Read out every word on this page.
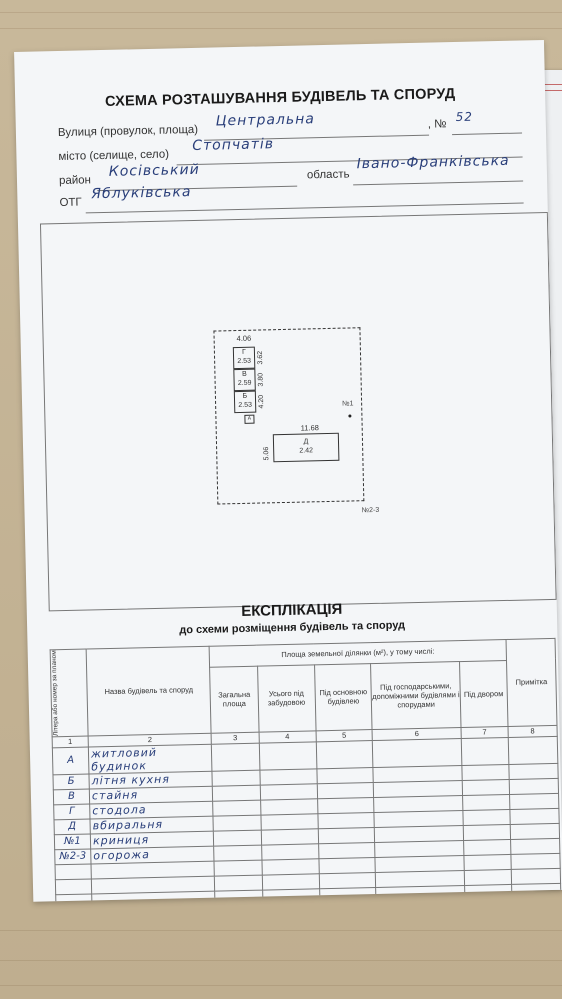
СХЕМА РОЗТАШУВАННЯ БУДІВЕЛЬ ТА СПОРУД
Вулиця (провулок, площа)
Центральна	, №
52
місто (селище, село)
Стопчатів
район
Косівський	область
Івано-Франківська
ОТГ
Яблуківська
4.06
Г
2.53 3.62
В
2.59 3.80
Б
2.53 4.20
А
11.68
Д
2.42
5.06
№1
№2-3
ЕКСПЛІКАЦІЯ
до схеми розміщення будівель та споруд
Літера або номер за планом	Назва будівель та споруд	Площа земельної ділянки (м²), у тому числі:					Примітка
		Загальна площа	Усього під забудовою	Під основною будівлею	Під господарськими, допоміжними будівлями і спорудами	Під двором	
1	2	3	4	5	6	7	8
А	житловий будинок						
Б	літня кухня						
В	стайня						
Г	стодола						
Д	вбиральня						
№1	криниця						
№2-3	огорожа						
